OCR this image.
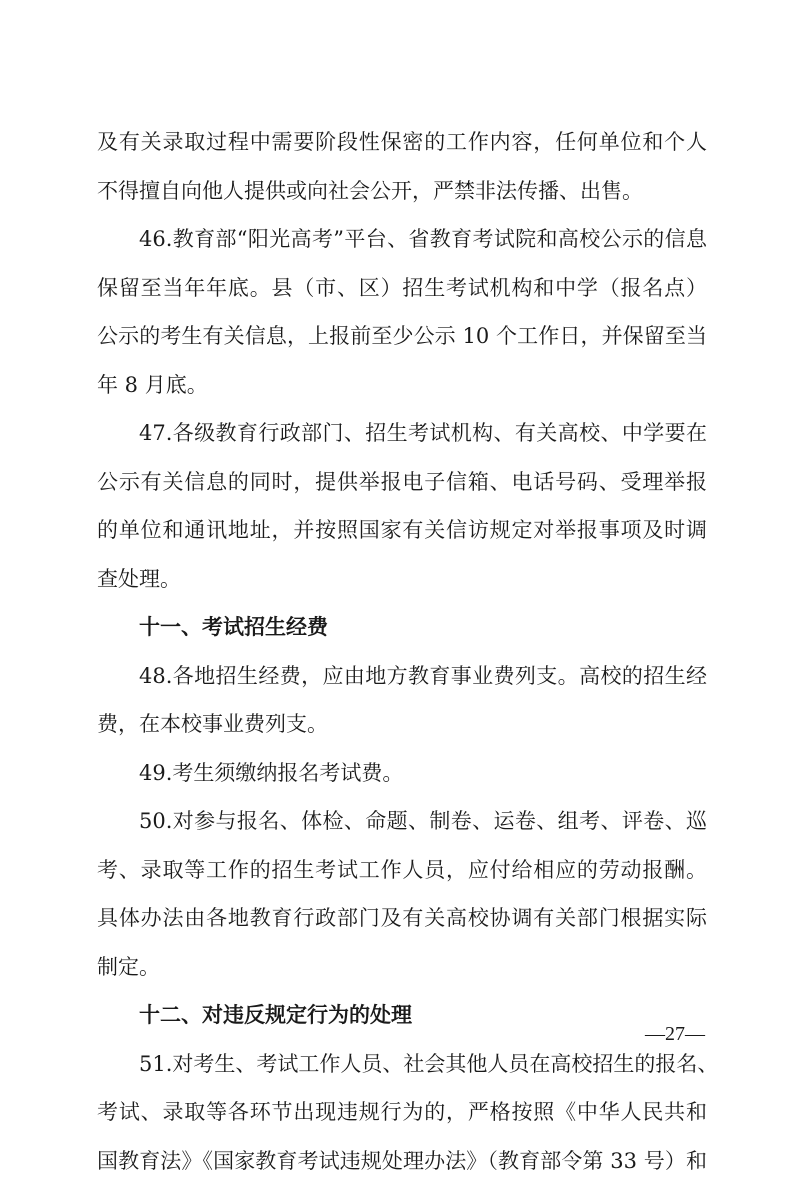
及有关录取过程中需要阶段性保密的工作内容，任何单位和个人
不得擅自向他人提供或向社会公开，严禁非法传播、出售。
46.教育部“阳光高考”平台、省教育考试院和高校公示的信息
保留至当年年底。县（市、区）招生考试机构和中学（报名点）
公示的考生有关信息，上报前至少公示 10 个工作日，并保留至当
年 8 月底。
47.各级教育行政部门、招生考试机构、有关高校、中学要在
公示有关信息的同时，提供举报电子信箱、电话号码、受理举报
的单位和通讯地址，并按照国家有关信访规定对举报事项及时调
查处理。
十一、考试招生经费
48.各地招生经费，应由地方教育事业费列支。高校的招生经
费，在本校事业费列支。
49.考生须缴纳报名考试费。
50.对参与报名、体检、命题、制卷、运卷、组考、评卷、巡
考、录取等工作的招生考试工作人员，应付给相应的劳动报酬。
具体办法由各地教育行政部门及有关高校协调有关部门根据实际
制定。
十二、对违反规定行为的处理
51.对考生、考试工作人员、社会其他人员在高校招生的报名、
考试、录取等各环节出现违规行为的，严格按照《中华人民共和
国教育法》《国家教育考试违规处理办法》（教育部令第 33 号）和
—27—
